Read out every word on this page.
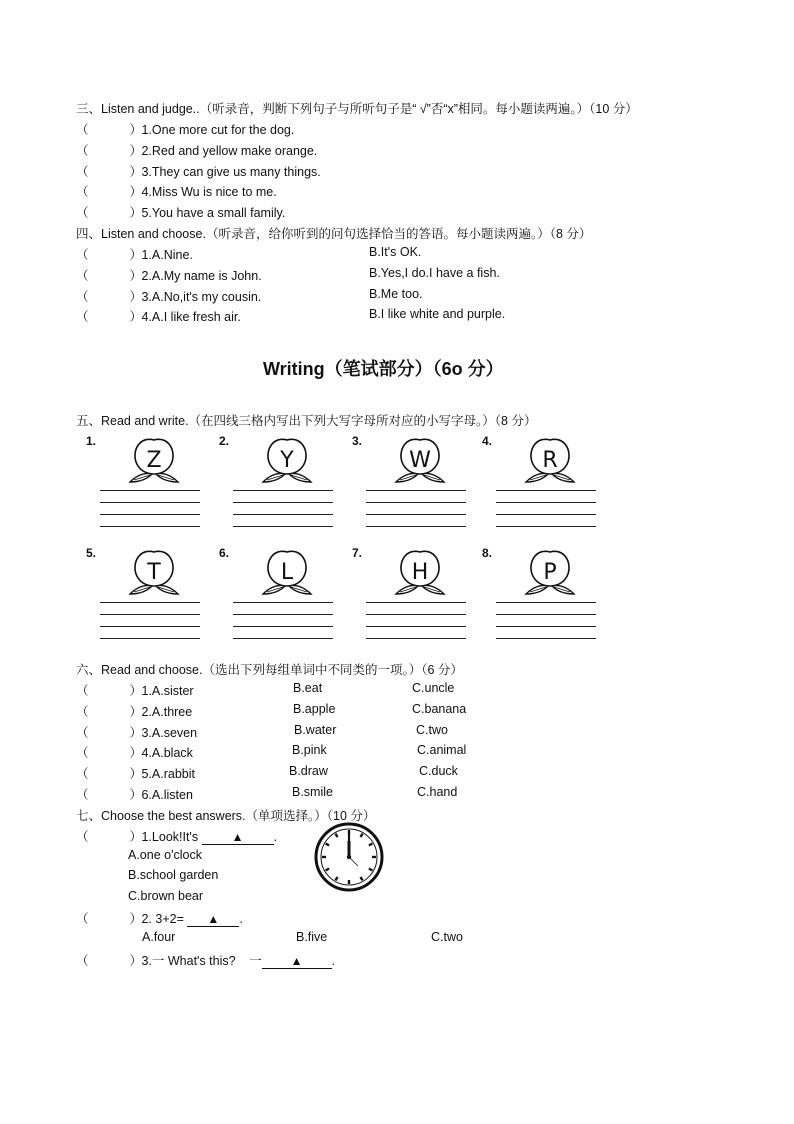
三、Listen and judge..（听录音，判断下列句子与所听句子是“ √”否“x”相同。每小题读两遍。）（10 分）
（	） 1.One more cut for the dog.
（	） 2.Red and yellow make orange.
（	） 3.They can give us many things.
（	） 4.Miss Wu is nice to me.
（	） 5.You have a small family.
四、Listen and choose.（听录音，给你听到的问句选择恰当的答语。每小题读两遍。）（8 分）
（	） 1.A.Nine.	B.It's OK.
（	） 2.A.My name is John.	B.Yes,I do.I have a fish.
（	） 3.A.No,it's my cousin.	B.Me too.
（	） 4.A.I like fresh air.	B.I like white and purple.
Writing（笔试部分）（6o 分）
五、Read and write.（在四线三格内写出下列大写字母所对应的小写字母。）（8 分）
1.
Z
2.
Y
3.
W
4.
R
5.
T
6.
L
7.
H
8.
P
六、Read and choose.（选出下列每组单词中不同类的一项。）（6 分）
（	） 1.A.sister	B.eat	C.uncle
（	） 2.A.three	B.apple	C.banana
（	） 3.A.seven	B.water	C.two
（	） 4.A.black	B.pink	C.animal
（	） 5.A.rabbit	B.draw	C.duck
（	） 6.A.listen	B.smile	C.hand
七、Choose the best answers.（单项选择。）（10 分）
（	） 1.Look!It's	▲ .
A.one o'clock
B.school garden
C.brown bear
（	） 2. 3+2= ▲ .
A.four	B.five	C.two
（	） 3.一 What's this? 一 ▲ .
